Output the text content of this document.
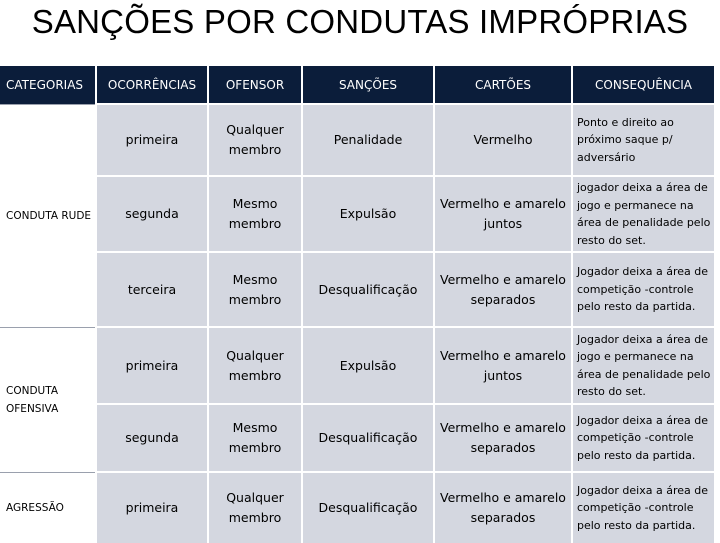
SANÇÕES POR CONDUTAS IMPRÓPRIAS
CATEGORIAS	OCORRÊNCIAS	OFENSOR	SANÇÕES	CARTÕES	CONSEQUÊNCIA
CONDUTA RUDE	primeira	Qualquer membro	Penalidade	Vermelho	Ponto e direito ao próximo saque p/ adversário
	segunda	Mesmo membro	Expulsão	Vermelho e amarelo juntos	jogador deixa a área de jogo e permanece na área de penalidade pelo resto do set.
	terceira	Mesmo membro	Desqualificação	Vermelho e amarelo separados	Jogador deixa a área de competição -controle pelo resto da partida.
CONDUTA OFENSIVA	primeira	Qualquer membro	Expulsão	Vermelho e amarelo juntos	Jogador deixa a área de jogo e permanece na área de penalidade pelo resto do set.
	segunda	Mesmo membro	Desqualificação	Vermelho e amarelo separados	Jogador deixa a área de competição -controle pelo resto da partida.
AGRESSÃO	primeira	Qualquer membro	Desqualificação	Vermelho e amarelo separados	Jogador deixa a área de competição -controle pelo resto da partida.
